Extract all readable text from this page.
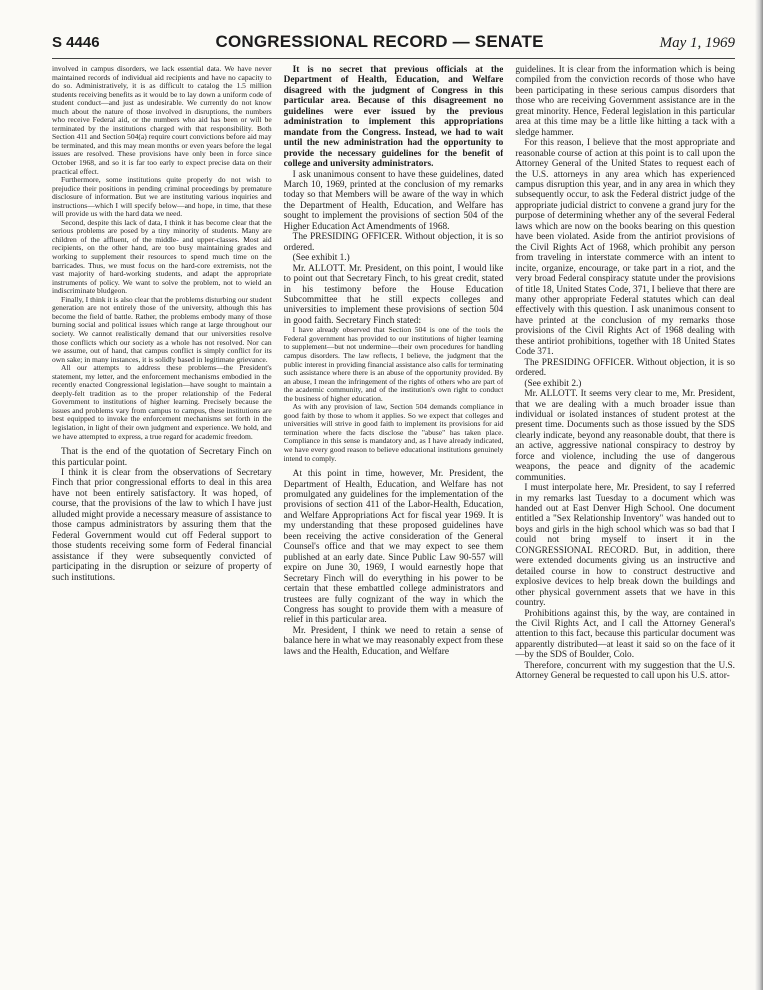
S 4446	CONGRESSIONAL RECORD — SENATE	May 1, 1969

involved in campus disorders, we lack essential data. We have never maintained records of individual aid recipients and have no capacity to do so. Administratively, it is as difficult to catalog the 1.5 million students receiving benefits as it would be to lay down a uniform code of student conduct—and just as undesirable. We currently do not know much about the nature of those involved in disruptions, the numbers who receive Federal aid, or the numbers who aid has been or will be terminated by the institutions charged with that responsibility. Both Section 411 and Section 504(a) require court convictions before aid may be terminated, and this may mean months or even years before the legal issues are resolved. These provisions have only been in force since October 1968, and so it is far too early to expect precise data on their practical effect.

Furthermore, some institutions quite properly do not wish to prejudice their positions in pending criminal proceedings by premature disclosure of information. But we are instituting various inquiries and instructions—which I will specify below—and hope, in time, that these will provide us with the hard data we need.

Second, despite this lack of data, I think it has become clear that the serious problems are posed by a tiny minority of students. Many are children of the affluent, of the middle- and upper-classes. Most aid recipients, on the other hand, are too busy maintaining grades and working to supplement their resources to spend much time on the barricades. Thus, we must focus on the hard-core extremists, not the vast majority of hard-working students, and adapt the appropriate instruments of policy. We want to solve the problem, not to wield an indiscriminate bludgeon.

Finally, I think it is also clear that the problems disturbing our student generation are not entirely those of the university, although this has become the field of battle. Rather, the problems embody many of those burning social and political issues which range at large throughout our society. We cannot realistically demand that our universities resolve those conflicts which our society as a whole has not resolved. Nor can we assume, out of hand, that campus conflict is simply conflict for its own sake; in many instances, it is solidly based in legitimate grievance.

All our attempts to address these problems—the President's statement, my letter, and the enforcement mechanisms embodied in the recently enacted Congressional legislation—have sought to maintain a deeply-felt tradition as to the proper relationship of the Federal Government to institutions of higher learning. Precisely because the issues and problems vary from campus to campus, these institutions are best equipped to invoke the enforcement mechanisms set forth in the legislation, in light of their own judgment and experience. We hold, and we have attempted to express, a true regard for academic freedom.

That is the end of the quotation of Secretary Finch on this particular point.

I think it is clear from the observations of Secretary Finch that prior congressional efforts to deal in this area have not been entirely satisfactory. It was hoped, of course, that the provisions of the law to which I have just alluded might provide a necessary measure of assistance to those campus administrators by assuring them that the Federal Government would cut off Federal support to those students receiving some form of Federal financial assistance if they were subsequently convicted of participating in the disruption or seizure of property of such institutions.

It is no secret that previous officials at the Department of Health, Education, and Welfare disagreed with the judgment of Congress in this particular area. Because of this disagreement no guidelines were ever issued by the previous administration to implement this appropriations mandate from the Congress. Instead, we had to wait until the new administration had the opportunity to provide the necessary guidelines for the benefit of college and university administrators.

I ask unanimous consent to have these guidelines, dated March 10, 1969, printed at the conclusion of my remarks today so that Members will be aware of the way in which the Department of Health, Education, and Welfare has sought to implement the provisions of section 504 of the Higher Education Act Amendments of 1968.

The PRESIDING OFFICER. Without objection, it is so ordered.

(See exhibit 1.)

Mr. ALLOTT. Mr. President, on this point, I would like to point out that Secretary Finch, to his great credit, stated in his testimony before the House Education Subcommittee that he still expects colleges and universities to implement these provisions of section 504 in good faith. Secretary Finch stated:

I have already observed that Section 504 is one of the tools the Federal government has provided to our institutions of higher learning to supplement—but not undermine—their own procedures for handling campus disorders. The law reflects, I believe, the judgment that the public interest in providing financial assistance also calls for terminating such assistance where there is an abuse of the opportunity provided. By an abuse, I mean the infringement of the rights of others who are part of the academic community, and of the institution's own right to conduct the business of higher education.

As with any provision of law, Section 504 demands compliance in good faith by those to whom it applies. So we expect that colleges and universities will strive in good faith to implement its provisions for aid termination where the facts disclose the "abuse" has taken place. Compliance in this sense is mandatory and, as I have already indicated, we have every good reason to believe educational institutions genuinely intend to comply.

At this point in time, however, Mr. President, the Department of Health, Education, and Welfare has not promulgated any guidelines for the implementation of the provisions of section 411 of the Labor-Health, Education, and Welfare Appropriations Act for fiscal year 1969. It is my understanding that these proposed guidelines have been receiving the active consideration of the General Counsel's office and that we may expect to see them published at an early date. Since Public Law 90-557 will expire on June 30, 1969, I would earnestly hope that Secretary Finch will do everything in his power to be certain that these embattled college administrators and trustees are fully cognizant of the way in which the Congress has sought to provide them with a measure of relief in this particular area.

Mr. President, I think we need to retain a sense of balance here in what we may reasonably expect from these laws and the Health, Education, and Welfare

guidelines. It is clear from the information which is being compiled from the conviction records of those who have been participating in these serious campus disorders that those who are receiving Government assistance are in the great minority. Hence, Federal legislation in this particular area at this time may be a little like hitting a tack with a sledge hammer.

For this reason, I believe that the most appropriate and reasonable course of action at this point is to call upon the Attorney General of the United States to request each of the U.S. attorneys in any area which has experienced campus disruption this year, and in any area in which they subsequently occur, to ask the Federal district judge of the appropriate judicial district to convene a grand jury for the purpose of determining whether any of the several Federal laws which are now on the books bearing on this question have been violated. Aside from the antiriot provisions of the Civil Rights Act of 1968, which prohibit any person from traveling in interstate commerce with an intent to incite, organize, encourage, or take part in a riot, and the very broad Federal conspiracy statute under the provisions of title 18, United States Code, 371, I believe that there are many other appropriate Federal statutes which can deal effectively with this question. I ask unanimous consent to have printed at the conclusion of my remarks those provisions of the Civil Rights Act of 1968 dealing with these antiriot prohibitions, together with 18 United States Code 371.

The PRESIDING OFFICER. Without objection, it is so ordered.

(See exhibit 2.)

Mr. ALLOTT. It seems very clear to me, Mr. President, that we are dealing with a much broader issue than individual or isolated instances of student protest at the present time. Documents such as those issued by the SDS clearly indicate, beyond any reasonable doubt, that there is an active, aggressive national conspiracy to destroy by force and violence, including the use of dangerous weapons, the peace and dignity of the academic communities.

I must interpolate here, Mr. President, to say I referred in my remarks last Tuesday to a document which was handed out at East Denver High School. One document entitled a "Sex Relationship Inventory" was handed out to boys and girls in the high school which was so bad that I could not bring myself to insert it in the CONGRESSIONAL RECORD. But, in addition, there were extended documents giving us an instructive and detailed course in how to construct destructive and explosive devices to help break down the buildings and other physical government assets that we have in this country.

Prohibitions against this, by the way, are contained in the Civil Rights Act, and I call the Attorney General's attention to this fact, because this particular document was apparently distributed—at least it said so on the face of it—by the SDS of Boulder, Colo.

Therefore, concurrent with my suggestion that the U.S. Attorney General be requested to call upon his U.S. attor-
